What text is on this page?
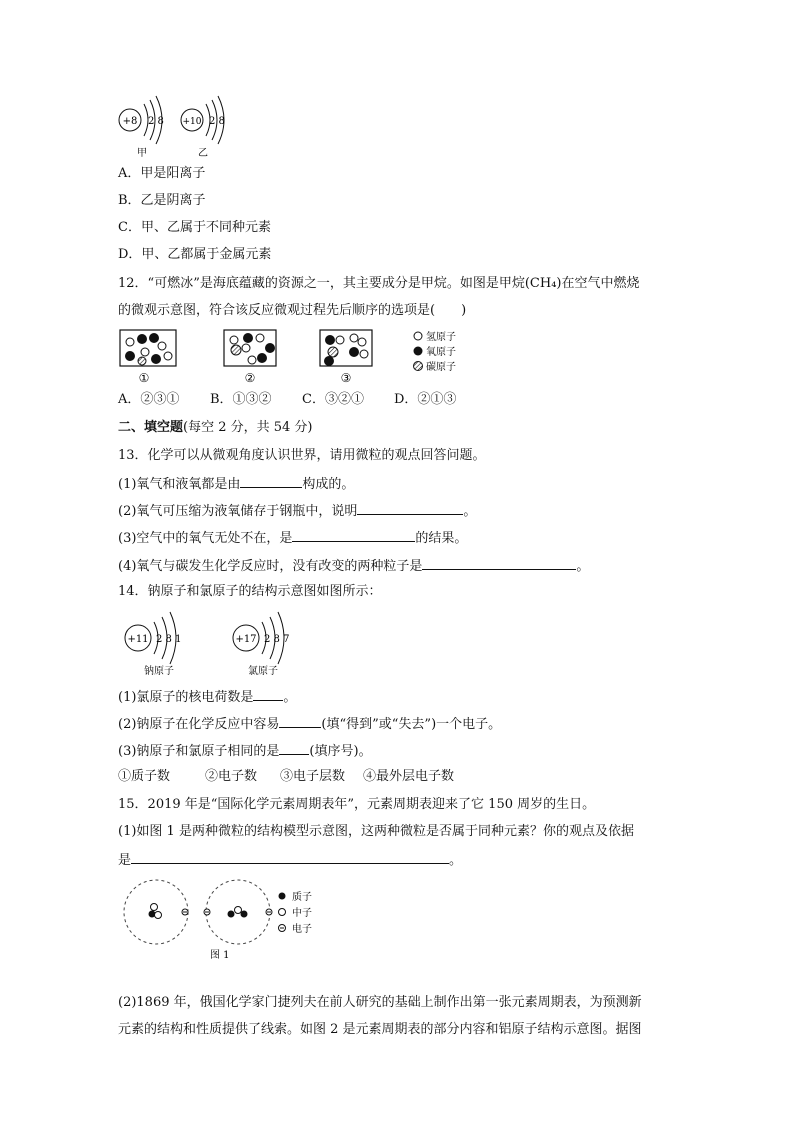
+8 2 8
甲
+10 2 8
乙
A．甲是阳离子
B．乙是阴离子
C．甲、乙属于不同种元素
D．甲、乙都属于金属元素
12．“可燃冰”是海底蕴藏的资源之一，其主要成分是甲烷。如图是甲烷(CH₄)在空气中燃烧
的微观示意图，符合该反应微观过程先后顺序的选项是(　　)
①	②	③
氢原子
氧原子
碳原子
A．②③① B．①③② C．③②① D．②①③
二、填空题(每空 2 分，共 54 分)
13．化学可以从微观角度认识世界，请用微粒的观点回答问题。
(1)氧气和液氧都是由	构成的。
(2)氧气可压缩为液氧储存于钢瓶中，说明	。
(3)空气中的氧气无处不在，是	的结果。
(4)氧气与碳发生化学反应时，没有改变的两种粒子是	。
14．钠原子和氯原子的结构示意图如图所示：
+11 2 8 1
钠原子
+17 2 8 7
氯原子
(1)氯原子的核电荷数是 。
(2)钠原子在化学反应中容易	(填“得到”或“失去”)一个电子。
(3)钠原子和氯原子相同的是 (填序号)。
①质子数	②电子数 ③电子层数 ④最外层电子数
15．2019 年是“国际化学元素周期表年”，元素周期表迎来了它 150 周岁的生日。
(1)如图 1 是两种微粒的结构模型示意图，这两种微粒是否属于同种元素？你的观点及依据
是	。
质子
中子
电子
图 1
(2)1869 年，俄国化学家门捷列夫在前人研究的基础上制作出第一张元素周期表，为预测新
元素的结构和性质提供了线索。如图 2 是元素周期表的部分内容和铝原子结构示意图。据图
